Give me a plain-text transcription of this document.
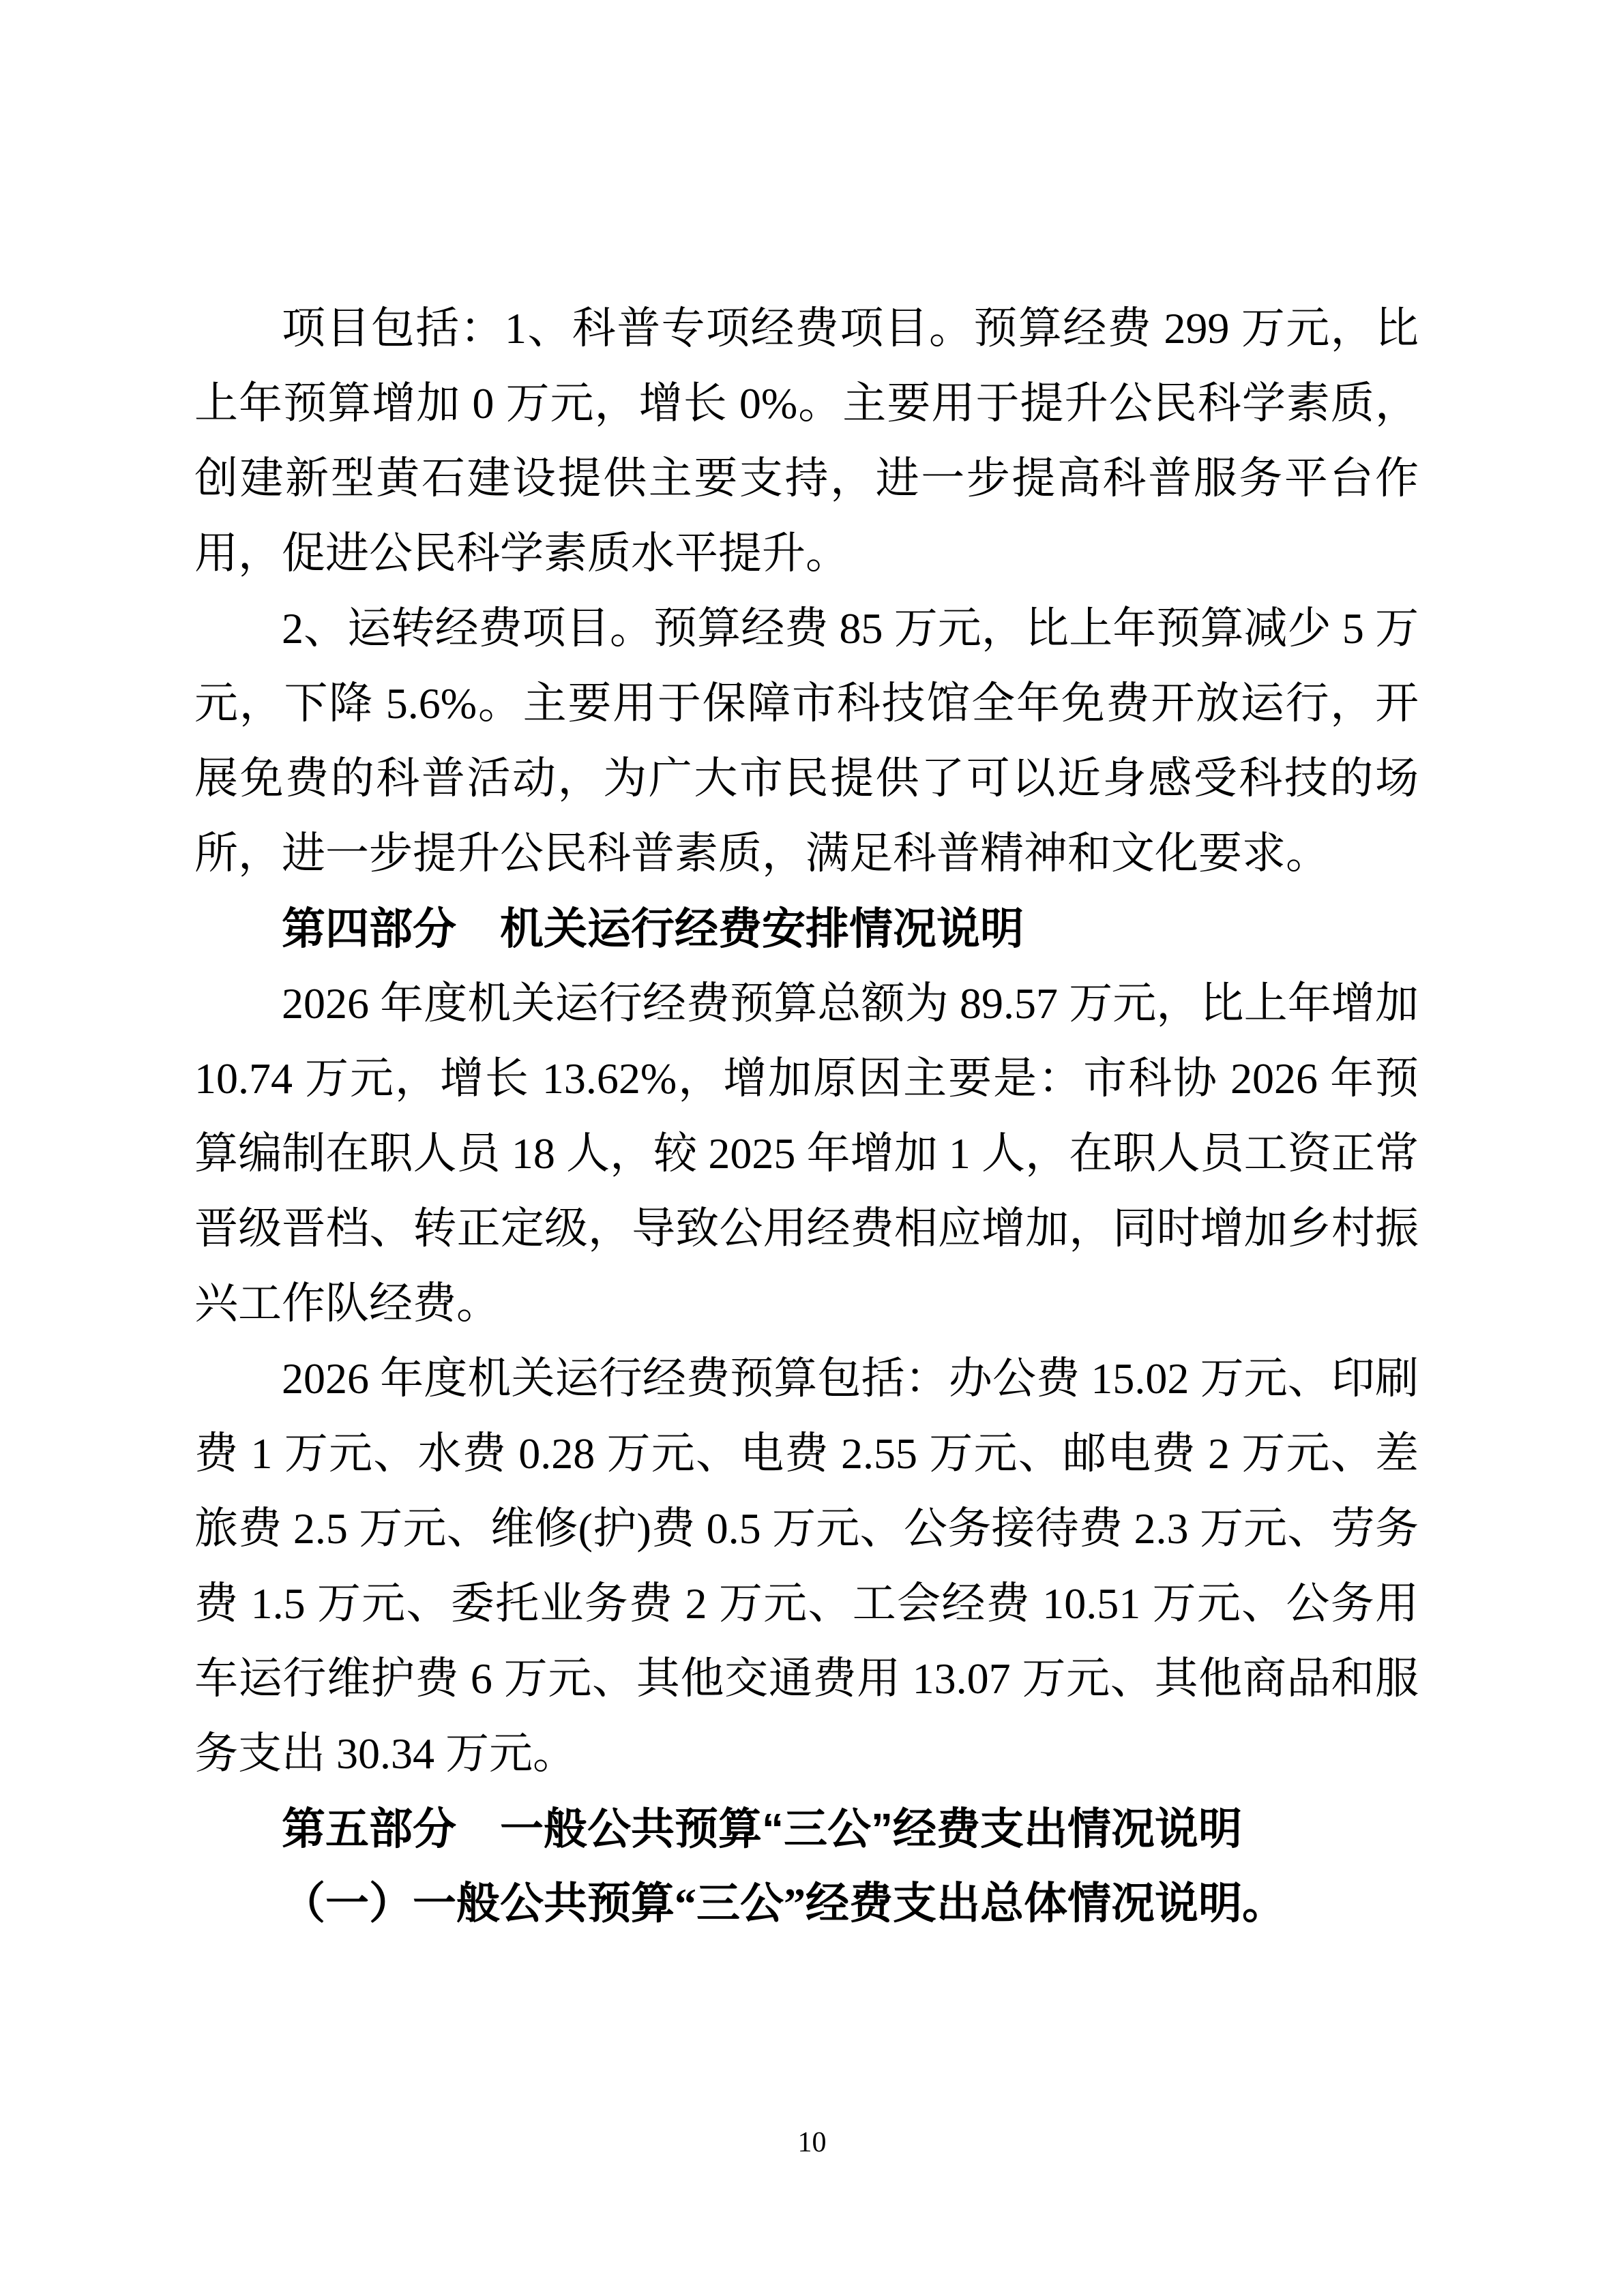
项目包括：1、科普专项经费项目。预算经费 299 万元，比上年预算增加 0 万元，增长 0%。主要用于提升公民科学素质，创建新型黄石建设提供主要支持，进一步提高科普服务平台作用，促进公民科学素质水平提升。

2、运转经费项目。预算经费 85 万元，比上年预算减少 5 万元，下降 5.6%。主要用于保障市科技馆全年免费开放运行，开展免费的科普活动，为广大市民提供了可以近身感受科技的场所，进一步提升公民科普素质，满足科普精神和文化要求。

第四部分　机关运行经费安排情况说明

2026 年度机关运行经费预算总额为 89.57 万元，比上年增加 10.74 万元，增长 13.62%，增加原因主要是：市科协 2026 年预算编制在职人员 18 人，较 2025 年增加 1 人，在职人员工资正常晋级晋档、转正定级，导致公用经费相应增加，同时增加乡村振兴工作队经费。

2026 年度机关运行经费预算包括：办公费 15.02 万元、印刷费 1 万元、水费 0.28 万元、电费 2.55 万元、邮电费 2 万元、差旅费 2.5 万元、维修(护)费 0.5 万元、公务接待费 2.3 万元、劳务费 1.5 万元、委托业务费 2 万元、工会经费 10.51 万元、公务用车运行维护费 6 万元、其他交通费用 13.07 万元、其他商品和服务支出 30.34 万元。

第五部分　一般公共预算“三公”经费支出情况说明

（一）一般公共预算“三公”经费支出总体情况说明。

10
